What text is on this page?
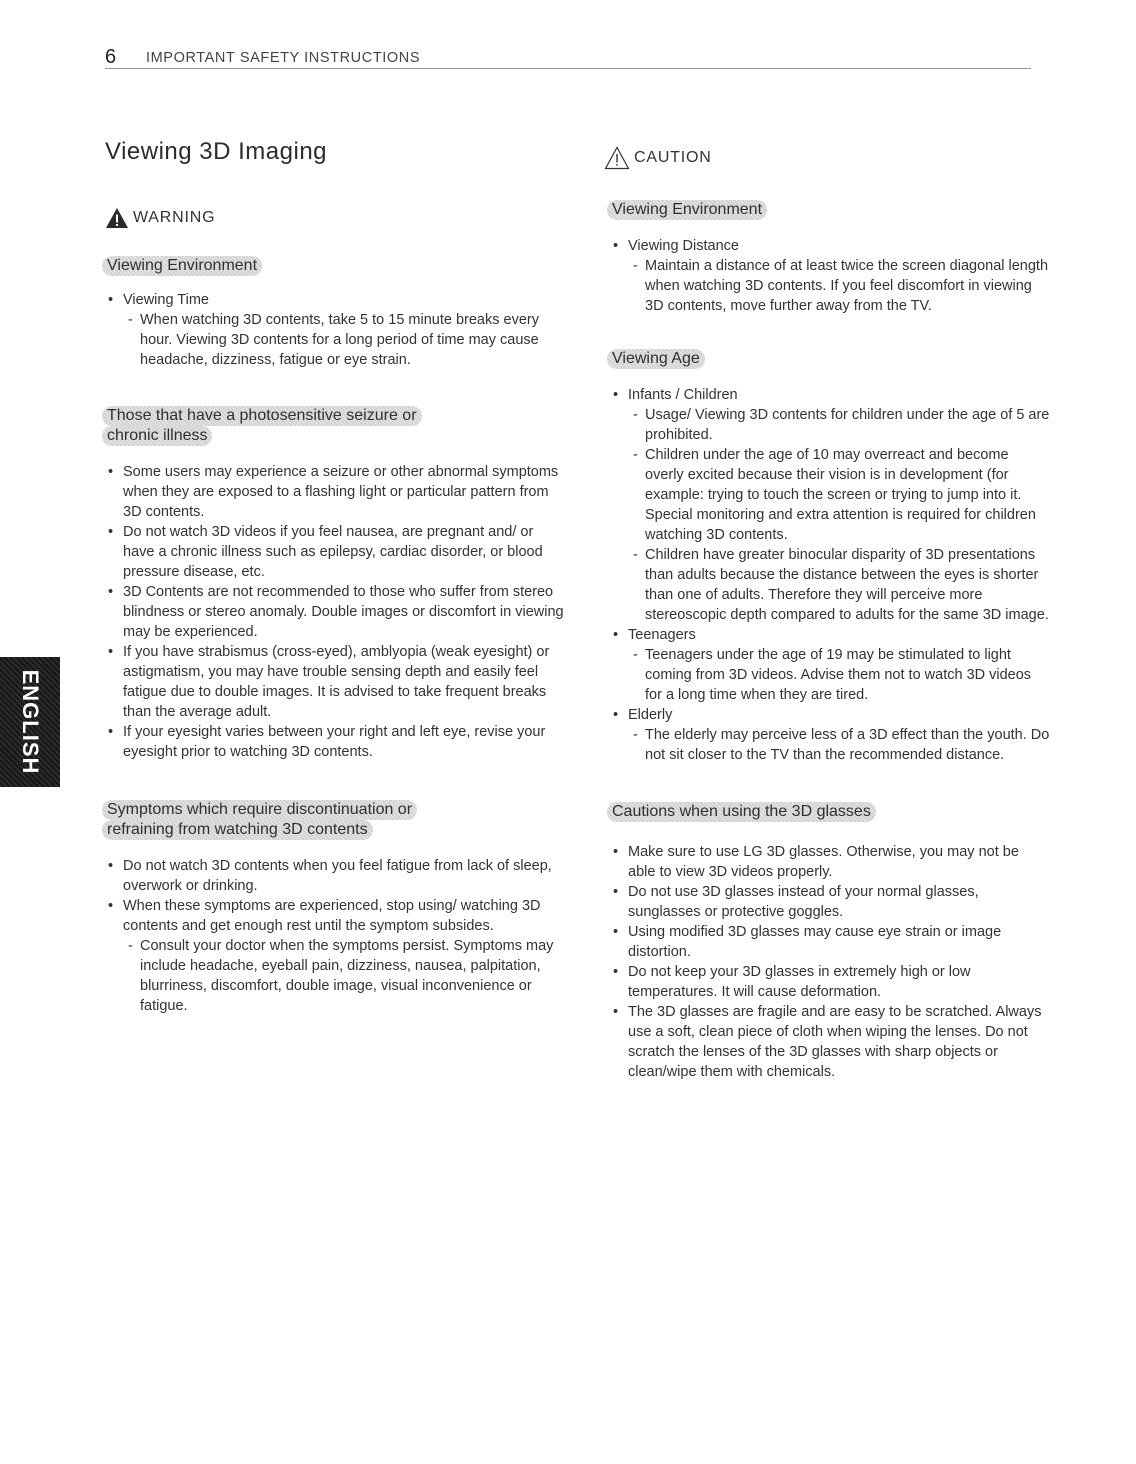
6 IMPORTANT SAFETY INSTRUCTIONS
ENGLISH
Viewing 3D Imaging
WARNING
Viewing Environment
• Viewing Time
- When watching 3D contents, take 5 to 15 minute breaks every hour. Viewing 3D contents for a long period of time may cause headache, dizziness, fatigue or eye strain.
Those that have a photosensitive seizure or
chronic illness
• Some users may experience a seizure or other abnormal symptoms when they are exposed to a flashing light or particular pattern from 3D contents.
• Do not watch 3D videos if you feel nausea, are pregnant and/ or have a chronic illness such as epilepsy, cardiac disorder, or blood pressure disease, etc.
• 3D Contents are not recommended to those who suffer from stereo blindness or stereo anomaly. Double images or discomfort in viewing may be experienced.
• If you have strabismus (cross-eyed), amblyopia (weak eyesight) or astigmatism, you may have trouble sensing depth and easily feel fatigue due to double images. It is advised to take frequent breaks than the average adult.
• If your eyesight varies between your right and left eye, revise your eyesight prior to watching 3D contents.
Symptoms which require discontinuation or
refraining from watching 3D contents
• Do not watch 3D contents when you feel fatigue from lack of sleep, overwork or drinking.
• When these symptoms are experienced, stop using/ watching 3D contents and get enough rest until the symptom subsides.
- Consult your doctor when the symptoms persist. Symptoms may include headache, eyeball pain, dizziness, nausea, palpitation, blurriness, discomfort, double image, visual inconvenience or fatigue.
CAUTION
Viewing Environment
• Viewing Distance
- Maintain a distance of at least twice the screen diagonal length when watching 3D contents. If you feel discomfort in viewing 3D contents, move further away from the TV.
Viewing Age
• Infants / Children
- Usage/ Viewing 3D contents for children under the age of 5 are prohibited.
- Children under the age of 10 may overreact and become overly excited because their vision is in development (for example: trying to touch the screen or trying to jump into it. Special monitoring and extra attention is required for children watching 3D contents.
- Children have greater binocular disparity of 3D presentations than adults because the distance between the eyes is shorter than one of adults. Therefore they will perceive more stereoscopic depth compared to adults for the same 3D image.
• Teenagers
- Teenagers under the age of 19 may be stimulated to light coming from 3D videos. Advise them not to watch 3D videos for a long time when they are tired.
• Elderly
- The elderly may perceive less of a 3D effect than the youth. Do not sit closer to the TV than the recommended distance.
Cautions when using the 3D glasses
• Make sure to use LG 3D glasses. Otherwise, you may not be able to view 3D videos properly.
• Do not use 3D glasses instead of your normal glasses, sunglasses or protective goggles.
• Using modified 3D glasses may cause eye strain or image distortion.
• Do not keep your 3D glasses in extremely high or low temperatures. It will cause deformation.
• The 3D glasses are fragile and are easy to be scratched. Always use a soft, clean piece of cloth when wiping the lenses. Do not scratch the lenses of the 3D glasses with sharp objects or clean/wipe them with chemicals.
